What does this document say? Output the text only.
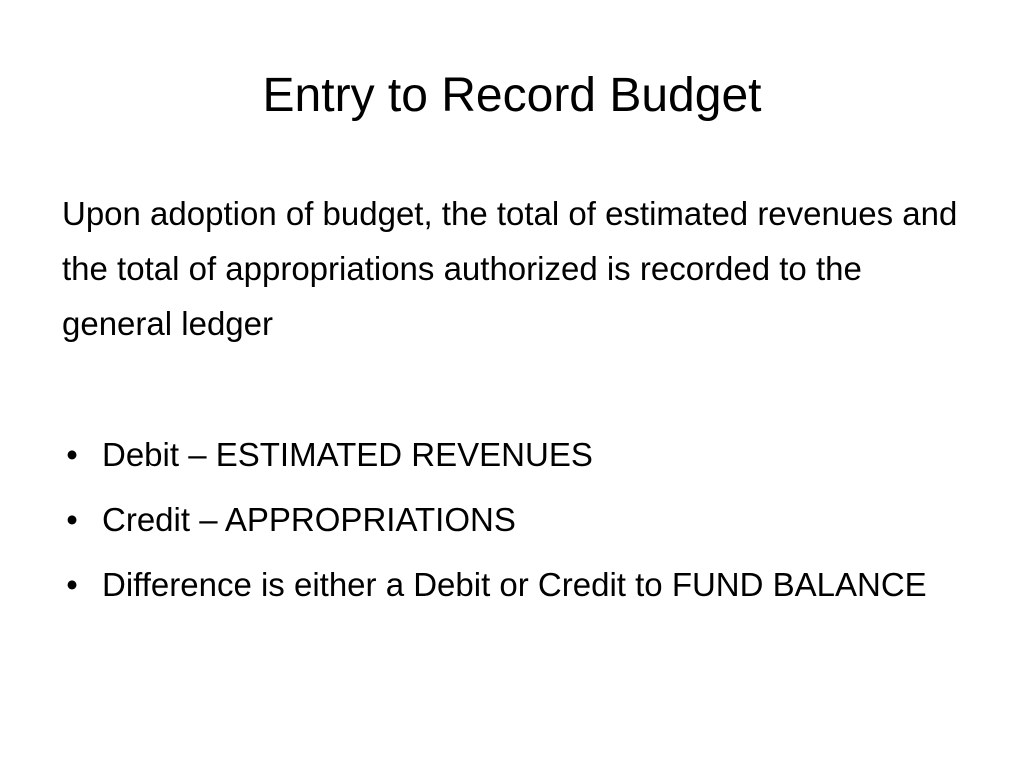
Entry to Record Budget

Upon adoption of budget, the total of estimated revenues and the total of appropriations authorized is recorded to the general ledger

• Debit – ESTIMATED REVENUES
• Credit – APPROPRIATIONS
• Difference is either a Debit or Credit to FUND BALANCE
